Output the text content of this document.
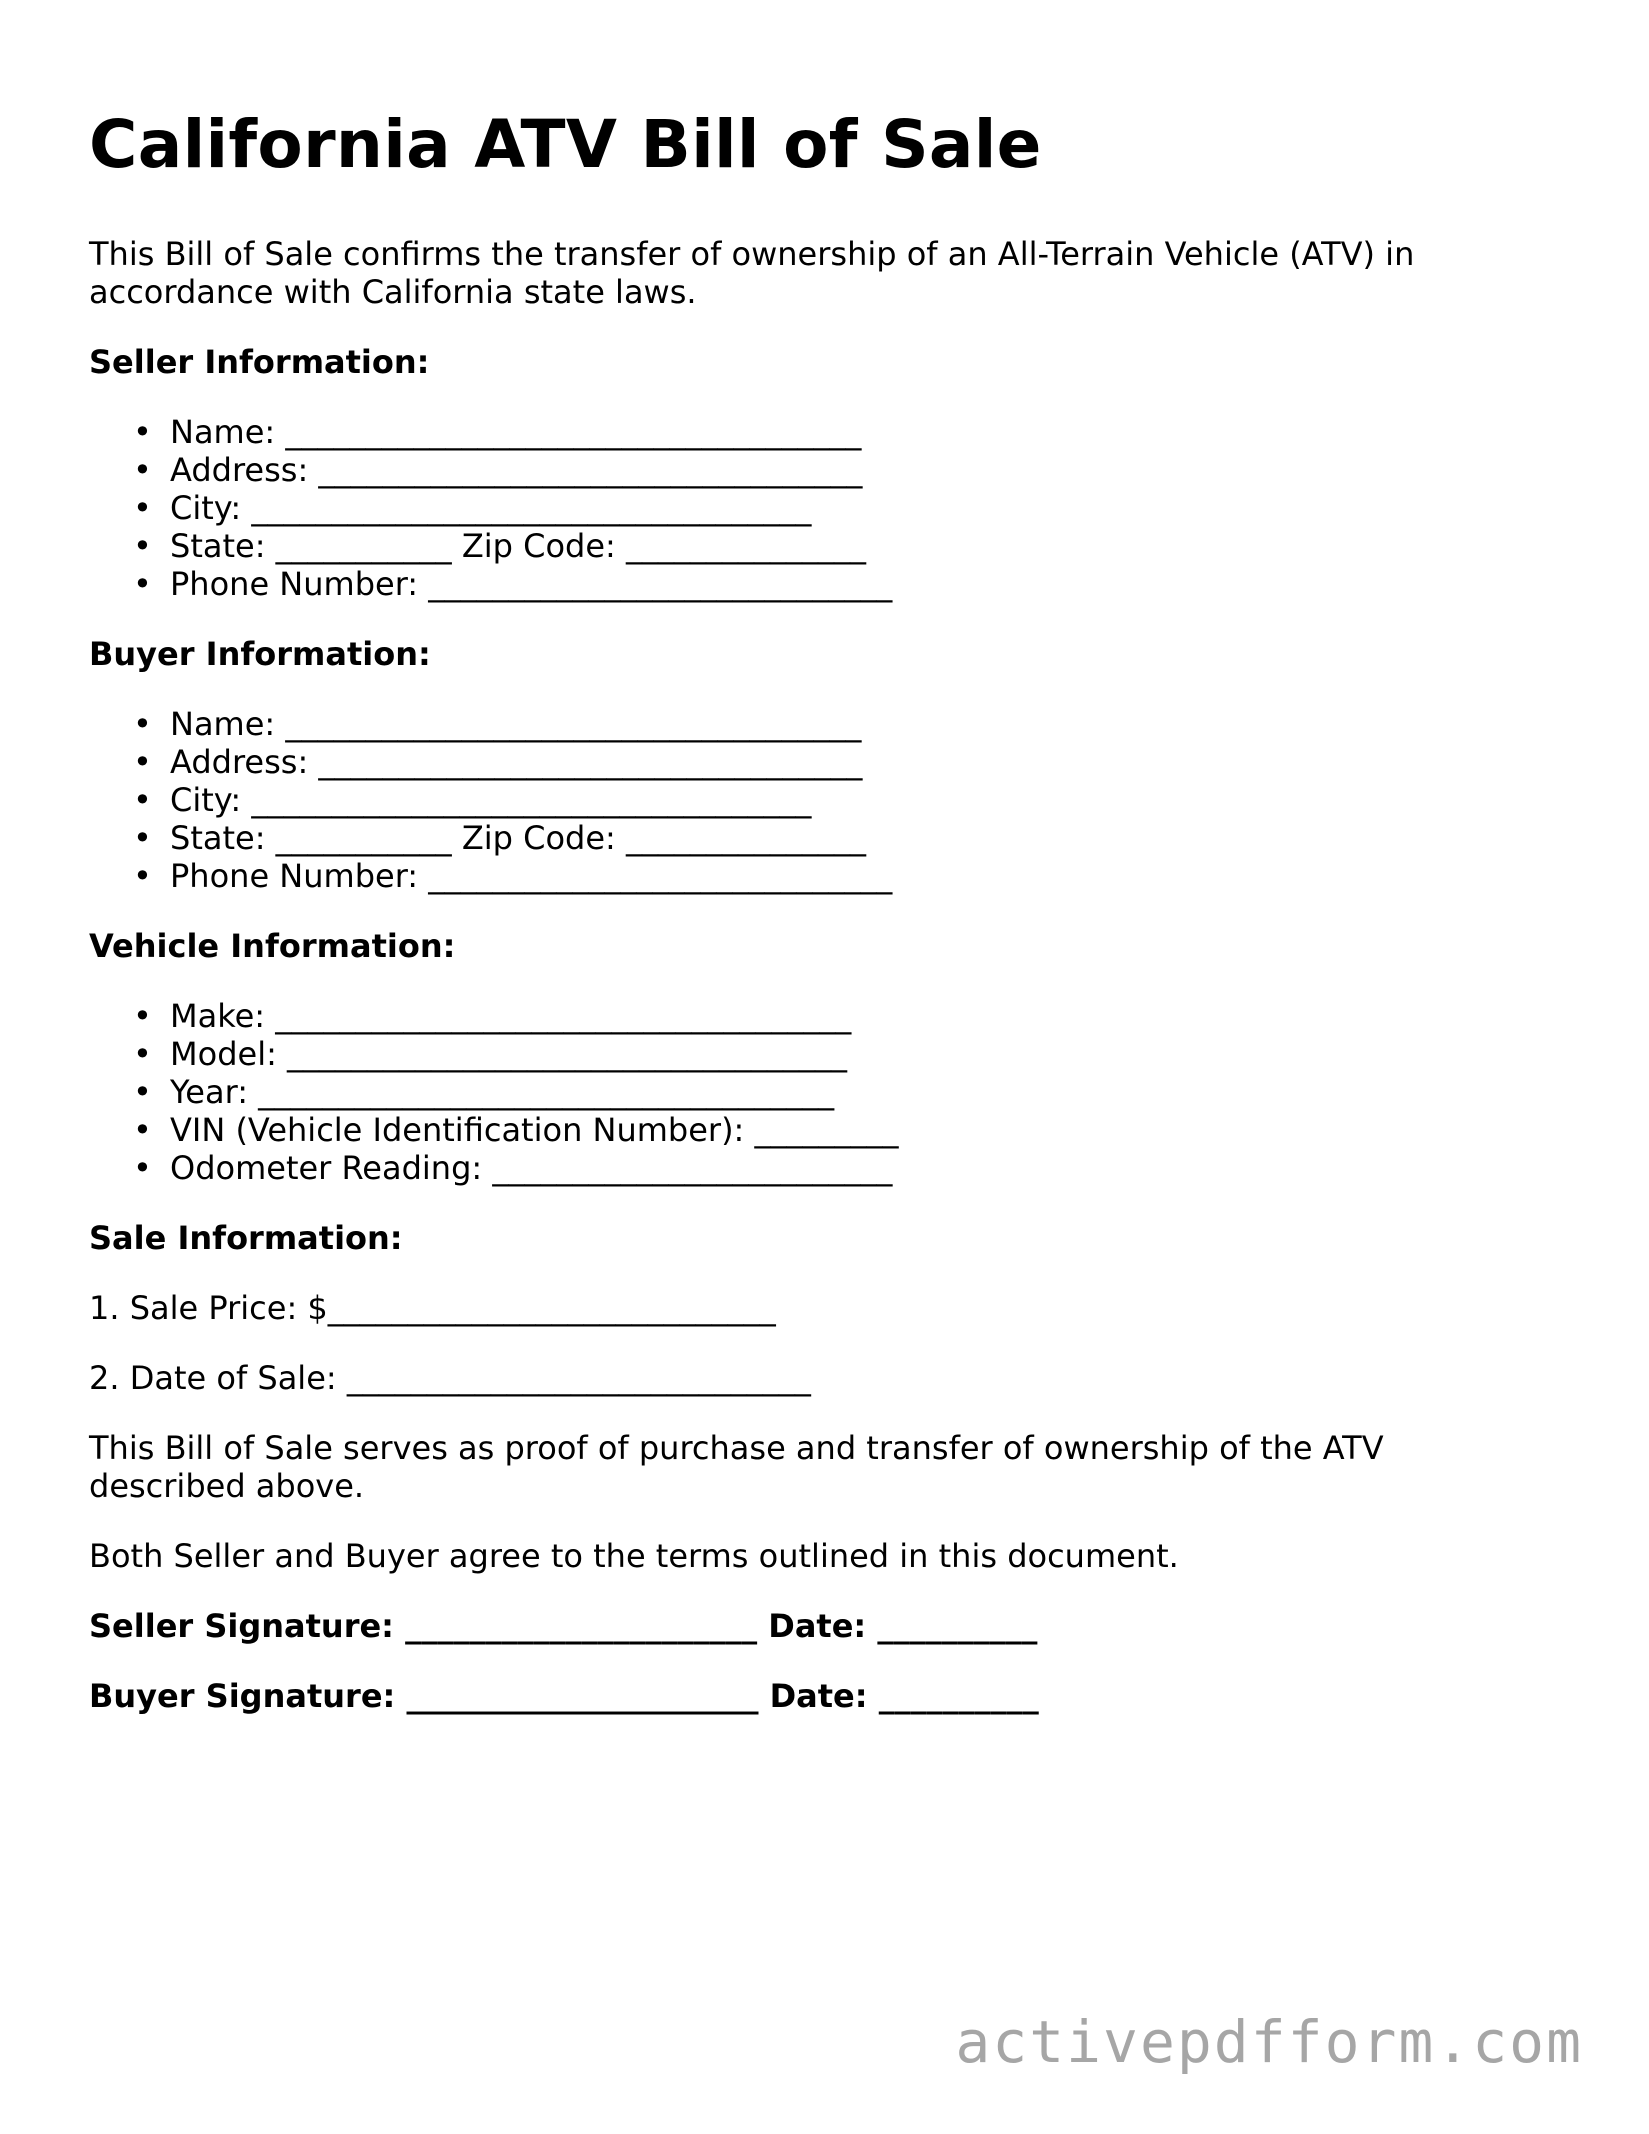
California ATV Bill of Sale

This Bill of Sale confirms the transfer of ownership of an All-Terrain Vehicle (ATV) in

accordance with California state laws.

Seller Information:

• Name: ____________________________________
• Address: __________________________________
• City: ___________________________________
• State: ___________ Zip Code: _______________
• Phone Number: _____________________________

Buyer Information:

• Name: ____________________________________
• Address: __________________________________
• City: ___________________________________
• State: ___________ Zip Code: _______________
• Phone Number: _____________________________

Vehicle Information:

• Make: ____________________________________
• Model: ___________________________________
• Year: ____________________________________
• VIN (Vehicle Identification Number): _________
• Odometer Reading: _________________________

Sale Information:

1. Sale Price: $____________________________

2. Date of Sale: _____________________________

This Bill of Sale serves as proof of purchase and transfer of ownership of the ATV

described above.

Both Seller and Buyer agree to the terms outlined in this document.

Seller Signature: ______________________ Date: __________

Buyer Signature: ______________________ Date: __________

activepdfform.com
